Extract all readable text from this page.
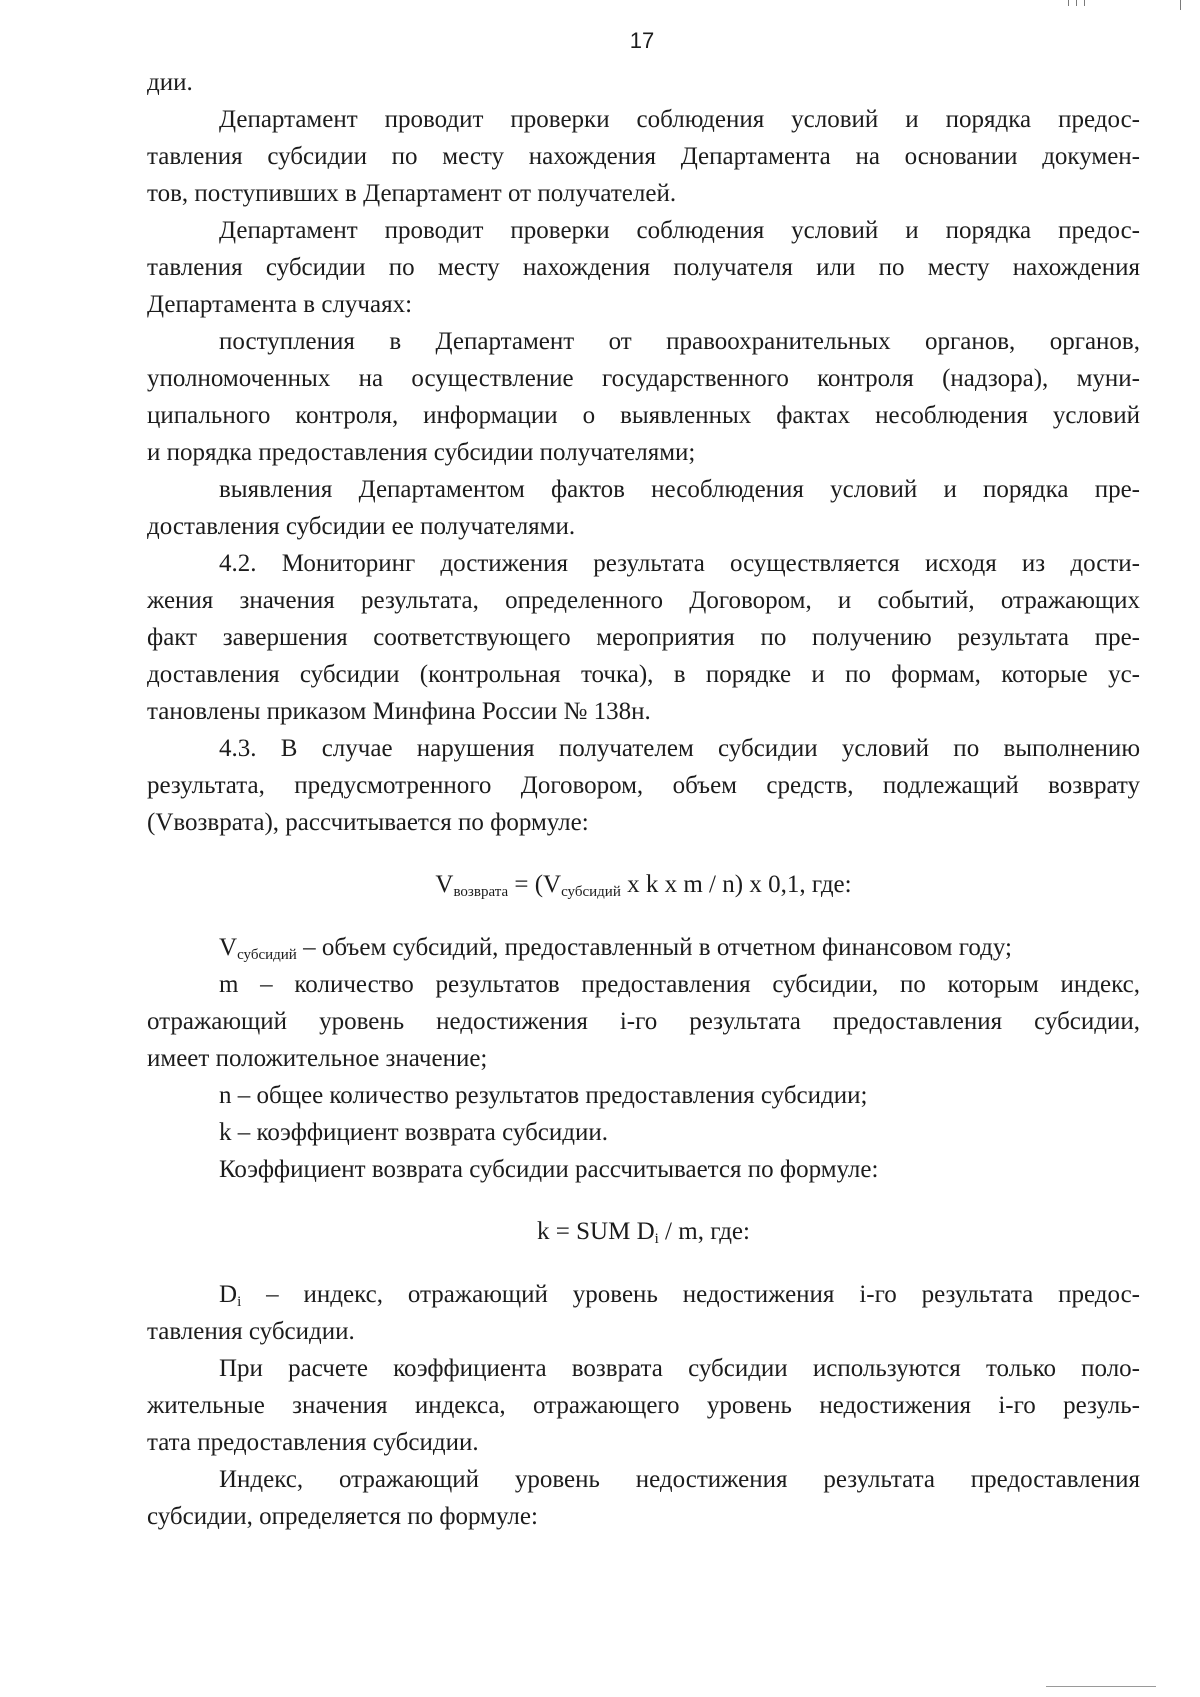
17

дии.

Департамент проводит проверки соблюдения условий и порядка предос-
тавления субсидии по месту нахождения Департамента на основании докумен-
тов, поступивших в Департамент от получателей.

Департамент проводит проверки соблюдения условий и порядка предос-
тавления субсидии по месту нахождения получателя или по месту нахождения
Департамента в случаях:

поступления в Департамент от правоохранительных органов, органов,
уполномоченных на осуществление государственного контроля (надзора), муни-
ципального контроля, информации о выявленных фактах несоблюдения условий
и порядка предоставления субсидии получателями;

выявления Департаментом фактов несоблюдения условий и порядка пре-
доставления субсидии ее получателями.

4.2. Мониторинг достижения результата осуществляется исходя из дости-
жения значения результата, определенного Договором, и событий, отражающих
факт завершения соответствующего мероприятия по получению результата пре-
доставления субсидии (контрольная точка), в порядке и по формам, которые ус-
тановлены приказом Минфина России № 138н.

4.3. В случае нарушения получателем субсидии условий по выполнению
результата, предусмотренного Договором, объем средств, подлежащий возврату
(Vвозврата), рассчитывается по формуле:

$V_{возврата} = (V_{субсидий}$ x k x m / n) x 0,1, где:

$V_{субсидий}$ – объем субсидий, предоставленный в отчетном финансовом году;

m – количество результатов предоставления субсидии, по которым индекс,
отражающий уровень недостижения i-го результата предоставления субсидии,
имеет положительное значение;

n – общее количество результатов предоставления субсидии;

k – коэффициент возврата субсидии.

Коэффициент возврата субсидии рассчитывается по формуле:

k = SUM $D_i$ / m, где:

$D_i$ – индекс, отражающий уровень недостижения i-го результата предос-
тавления субсидии.

При расчете коэффициента возврата субсидии используются только поло-
жительные значения индекса, отражающего уровень недостижения i-го резуль-
тата предоставления субсидии.

Индекс, отражающий уровень недостижения результата предоставления
субсидии, определяется по формуле:
